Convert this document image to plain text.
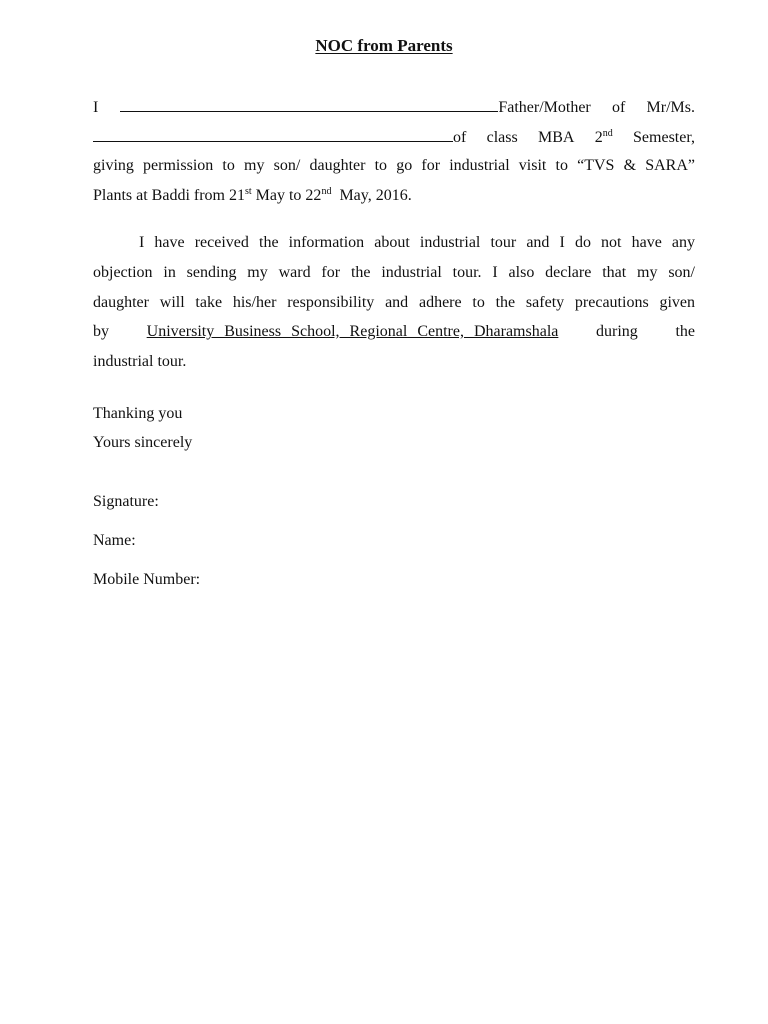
NOC from Parents
I	Father/Mother of Mr/Ms.
of class MBA 2nd Semester,
giving permission to my son/ daughter to go for industrial visit to “TVS & SARA”
Plants at Baddi from 21st May to 22nd  May, 2016.
I have received the information about industrial tour and I do not have any
objection in sending my ward for the industrial tour. I also declare that my son/
daughter will take his/her responsibility and adhere to the safety precautions given
by University Business School, Regional Centre, Dharamshala during the
industrial tour.
Thanking you
Yours sincerely
Signature:
Name:
Mobile Number:
